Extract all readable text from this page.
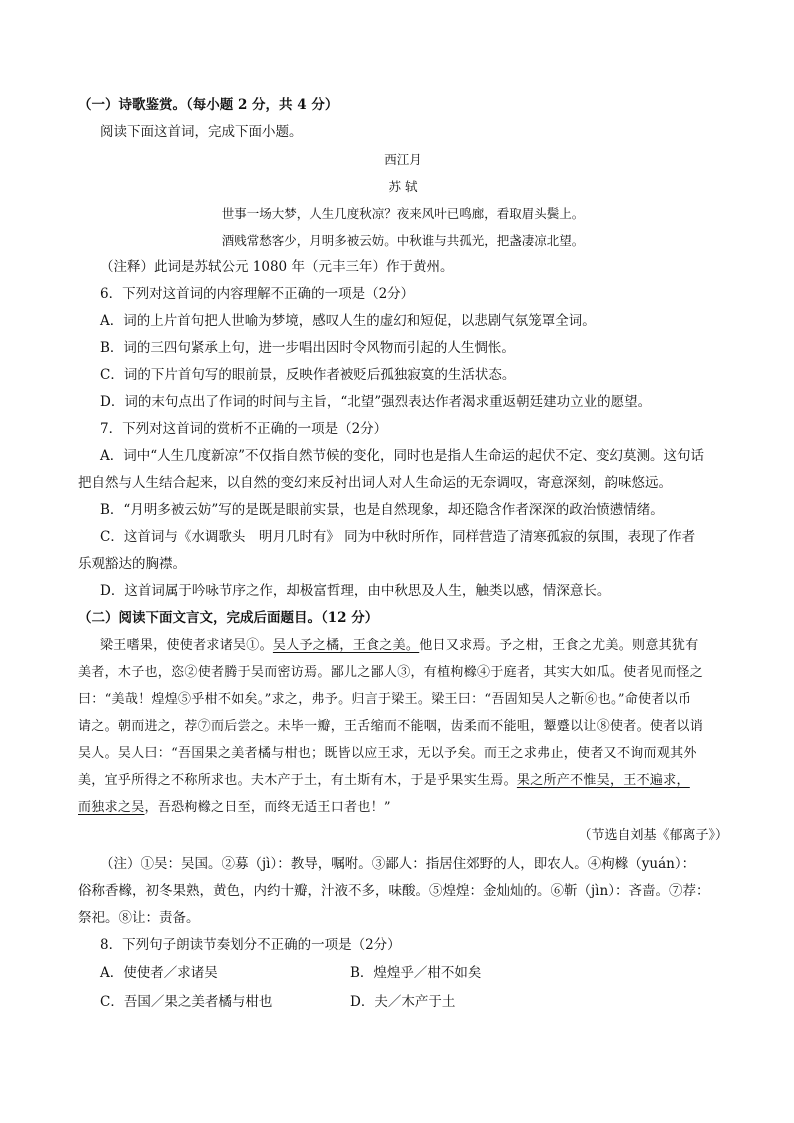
（一）诗歌鉴赏。（每小题 2 分，共 4 分）
阅读下面这首词，完成下面小题。
西江月
苏 轼
世事一场大梦，人生几度秋凉？夜来风叶已鸣廊，看取眉头鬓上。
酒贱常愁客少，月明多被云妨。中秋谁与共孤光，把盏凄凉北望。
（注释）此词是苏轼公元 1080 年（元丰三年）作于黄州。
6．下列对这首词的内容理解不正确的一项是（2分）
A．词的上片首句把人世喻为梦境，感叹人生的虚幻和短促，以悲剧气氛笼罩全词。
B．词的三四句紧承上句，进一步唱出因时令风物而引起的人生惆怅。
C．词的下片首句写的眼前景，反映作者被贬后孤独寂寞的生活状态。
D．词的末句点出了作词的时间与主旨，“北望”强烈表达作者渴求重返朝廷建功立业的愿望。
7．下列对这首词的赏析不正确的一项是（2分）
A．词中“人生几度新凉”不仅指自然节候的变化，同时也是指人生命运的起伏不定、变幻莫测。这句话
把自然与人生结合起来，以自然的变幻来反衬出词人对人生命运的无奈调叹，寄意深刻，韵味悠远。
B．“月明多被云妨”写的是既是眼前实景，也是自然现象，却还隐含作者深深的政治愤懑情绪。
C．这首词与《水调歌头　明月几时有》 同为中秋时所作，同样营造了清寒孤寂的氛围，表现了作者
乐观豁达的胸襟。
D．这首词属于吟咏节序之作，却极富哲理，由中秋思及人生，触类以感，情深意长。
（二）阅读下面文言文，完成后面题目。（12 分）
梁王嗜果，使使者求诸吴①。吴人予之橘，王食之美。他日又求焉。予之柑，王食之尤美。则意其犹有
美者，木子也，恣②使者腾于吴而密访焉。鄙儿之鄙人③，有植枸橼④于庭者，其实大如瓜。使者见而怪之
曰：“美哉！煌煌⑤乎柑不如矣。”求之，弗予。归言于梁王。梁王曰：“吾固知吴人之靳⑥也。”命使者以币
请之。朝而进之，荐⑦而后尝之。未毕一瓣，王舌缩而不能咽，齿柔而不能咀，颦蹙以让⑧使者。使者以诮
吴人。吴人曰：“吾国果之美者橘与柑也；既皆以应王求，无以予矣。而王之求弗止，使者又不询而观其外
美，宜乎所得之不称所求也。夫木产于土，有土斯有木，于是乎果实生焉。果之所产不惟吴，王不遍求，
而独求之吴，吾恐枸橼之日至，而终无适王口者也！”
（节选自刘基《郁离子》）
（注）①吴：吴国。②募（jì）：教导，嘱咐。③鄙人：指居住郊野的人，即农人。④枸橼（yuán）：
俗称香橼，初冬果熟，黄色，内约十瓣，汁液不多，味酸。⑤煌煌：金灿灿的。⑥靳（jìn）：吝啬。⑦荐：
祭祀。⑧让：责备。
8．下列句子朗读节奏划分不正确的一项是（2分）
A．使使者／求诸吴	B．煌煌乎／柑不如矣
C．吾国／果之美者橘与柑也	D．夫／木产于土
